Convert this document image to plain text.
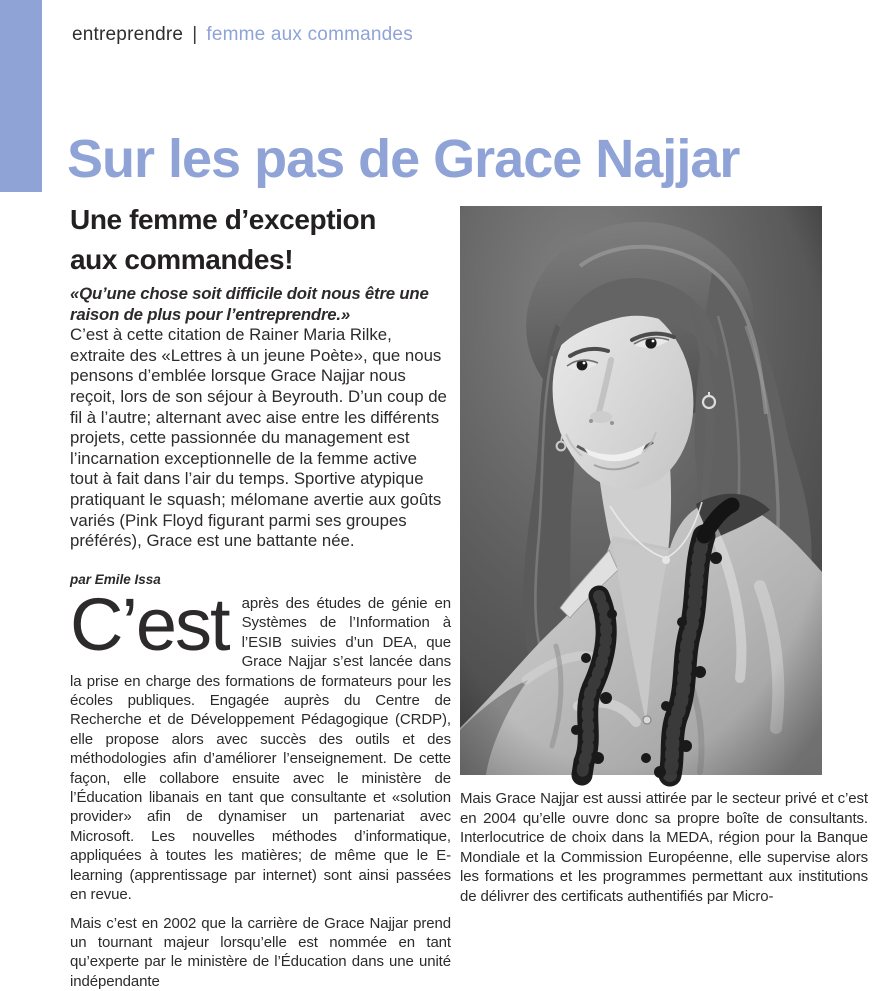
entreprendre | femme aux commandes
Sur les pas de Grace Najjar
Une femme d’exception
aux commandes!

«Qu’une chose soit difficile doit nous être une raison de plus pour l’entreprendre.»

C’est à cette citation de Rainer Maria Rilke, extraite des «Lettres à un jeune Poète», que nous pensons d’emblée lorsque Grace Najjar nous reçoit, lors de son séjour à Beyrouth. D’un coup de fil à l’autre; alternant avec aise entre les différents projets, cette passionnée du management est l’incarnation exceptionnelle de la femme active tout à fait dans l’air du temps. Sportive atypique pratiquant le squash; mélomane avertie aux goûts variés (Pink Floyd figurant parmi ses groupes préférés), Grace est une battante née.

par Emile Issa

C’est après des études de génie en Systèmes de l’Information à l’ESIB suivies d’un DEA, que Grace Najjar s’est lancée dans la prise en charge des formations de formateurs pour les écoles publiques. Engagée auprès du Centre de Recherche et de Développement Pédagogique (CRDP), elle propose alors avec succès des outils et des méthodologies afin d’améliorer l’enseignement. De cette façon, elle collabore ensuite avec le ministère de l’Éducation libanais en tant que consultante et «solution provider» afin de dynamiser un partenariat avec Microsoft. Les nouvelles méthodes d’informatique, appliquées à toutes les matières; de même que le E-learning (apprentissage par internet) sont ainsi passées en revue.

Mais c’est en 2002 que la carrière de Grace Najjar prend un tournant majeur lorsqu’elle est nommée en tant qu’experte par le ministère de l’Éducation dans une unité indépendante

Mais Grace Najjar est aussi attirée par le secteur privé et c’est en 2004 qu’elle ouvre donc sa propre boîte de consultants. Interlocutrice de choix dans la MEDA, région pour la Banque Mondiale et la Commission Européenne, elle supervise alors les formations et les programmes permettant aux institutions de délivrer des certificats authentifiés par Micro-
